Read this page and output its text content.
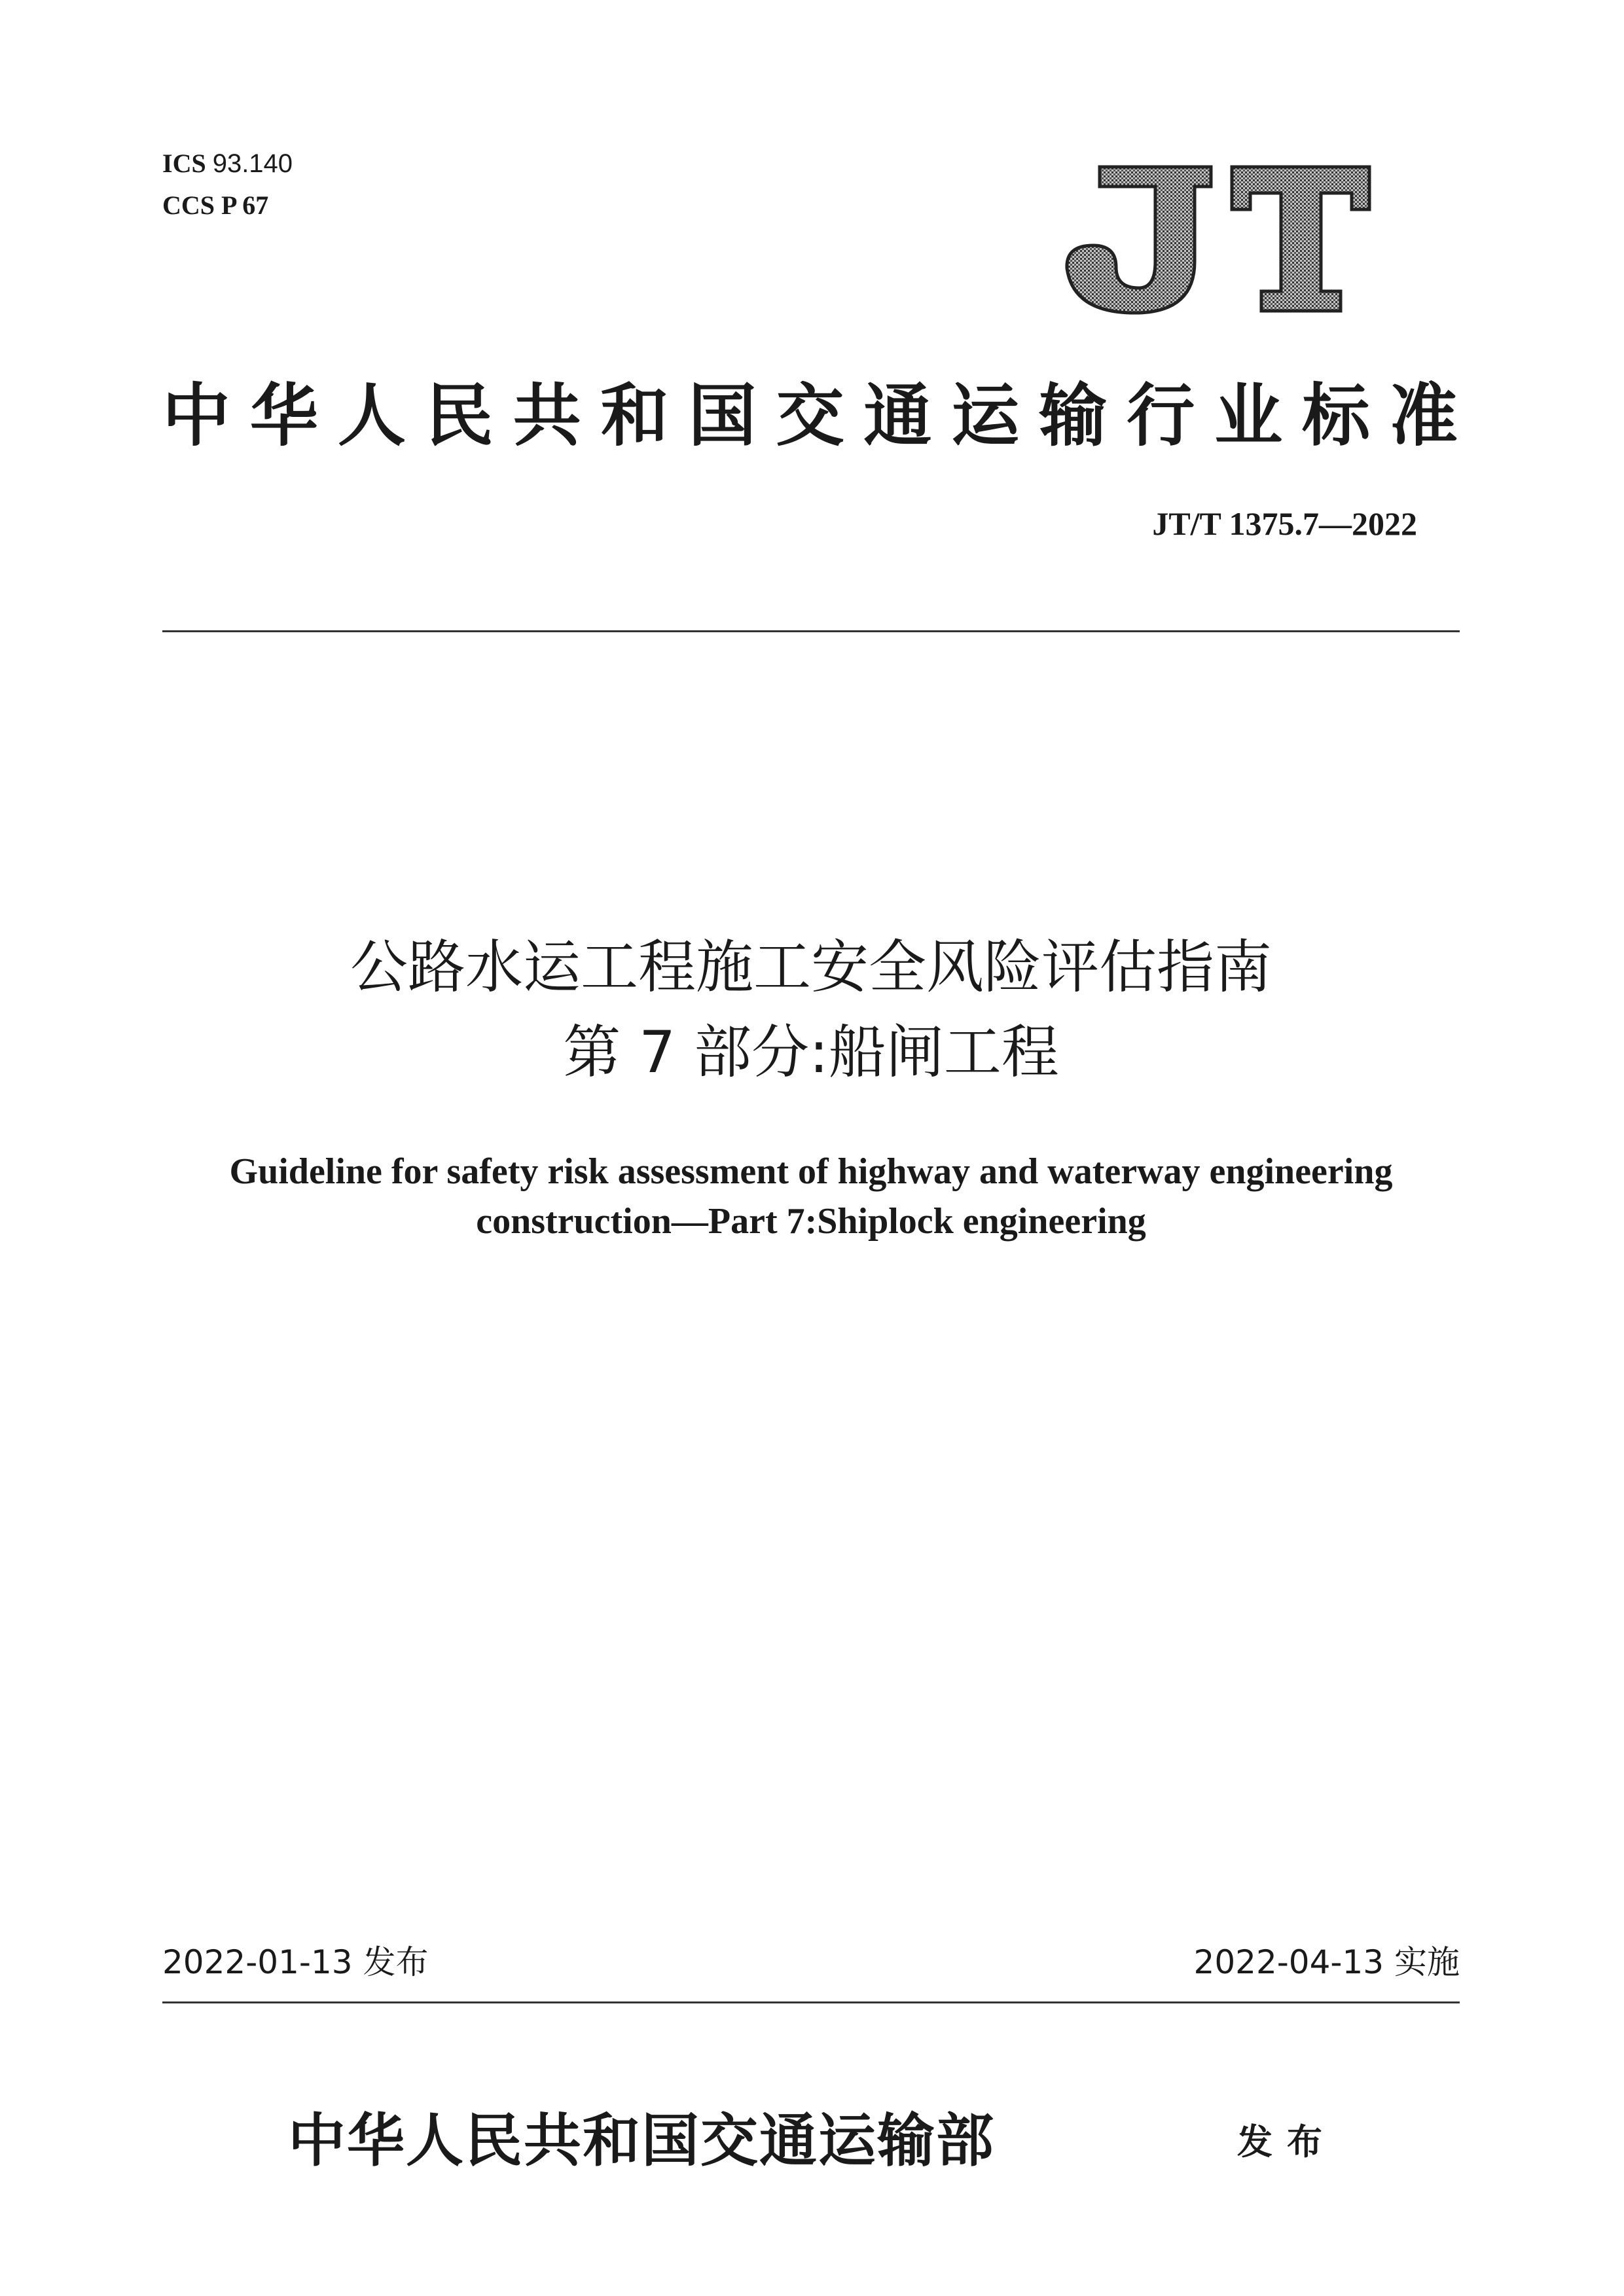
ICS 93.140
CCS P 67
JT
中华人民共和国交通运输行业标准
JT/T 1375.7—2022
公路水运工程施工安全风险评估指南
第 7 部分:船闸工程
Guideline for safety risk assessment of highway and waterway engineering
construction—Part 7:Shiplock engineering
2022-01-13 发布	2022-04-13 实施
中华人民共和国交通运输部	发布
